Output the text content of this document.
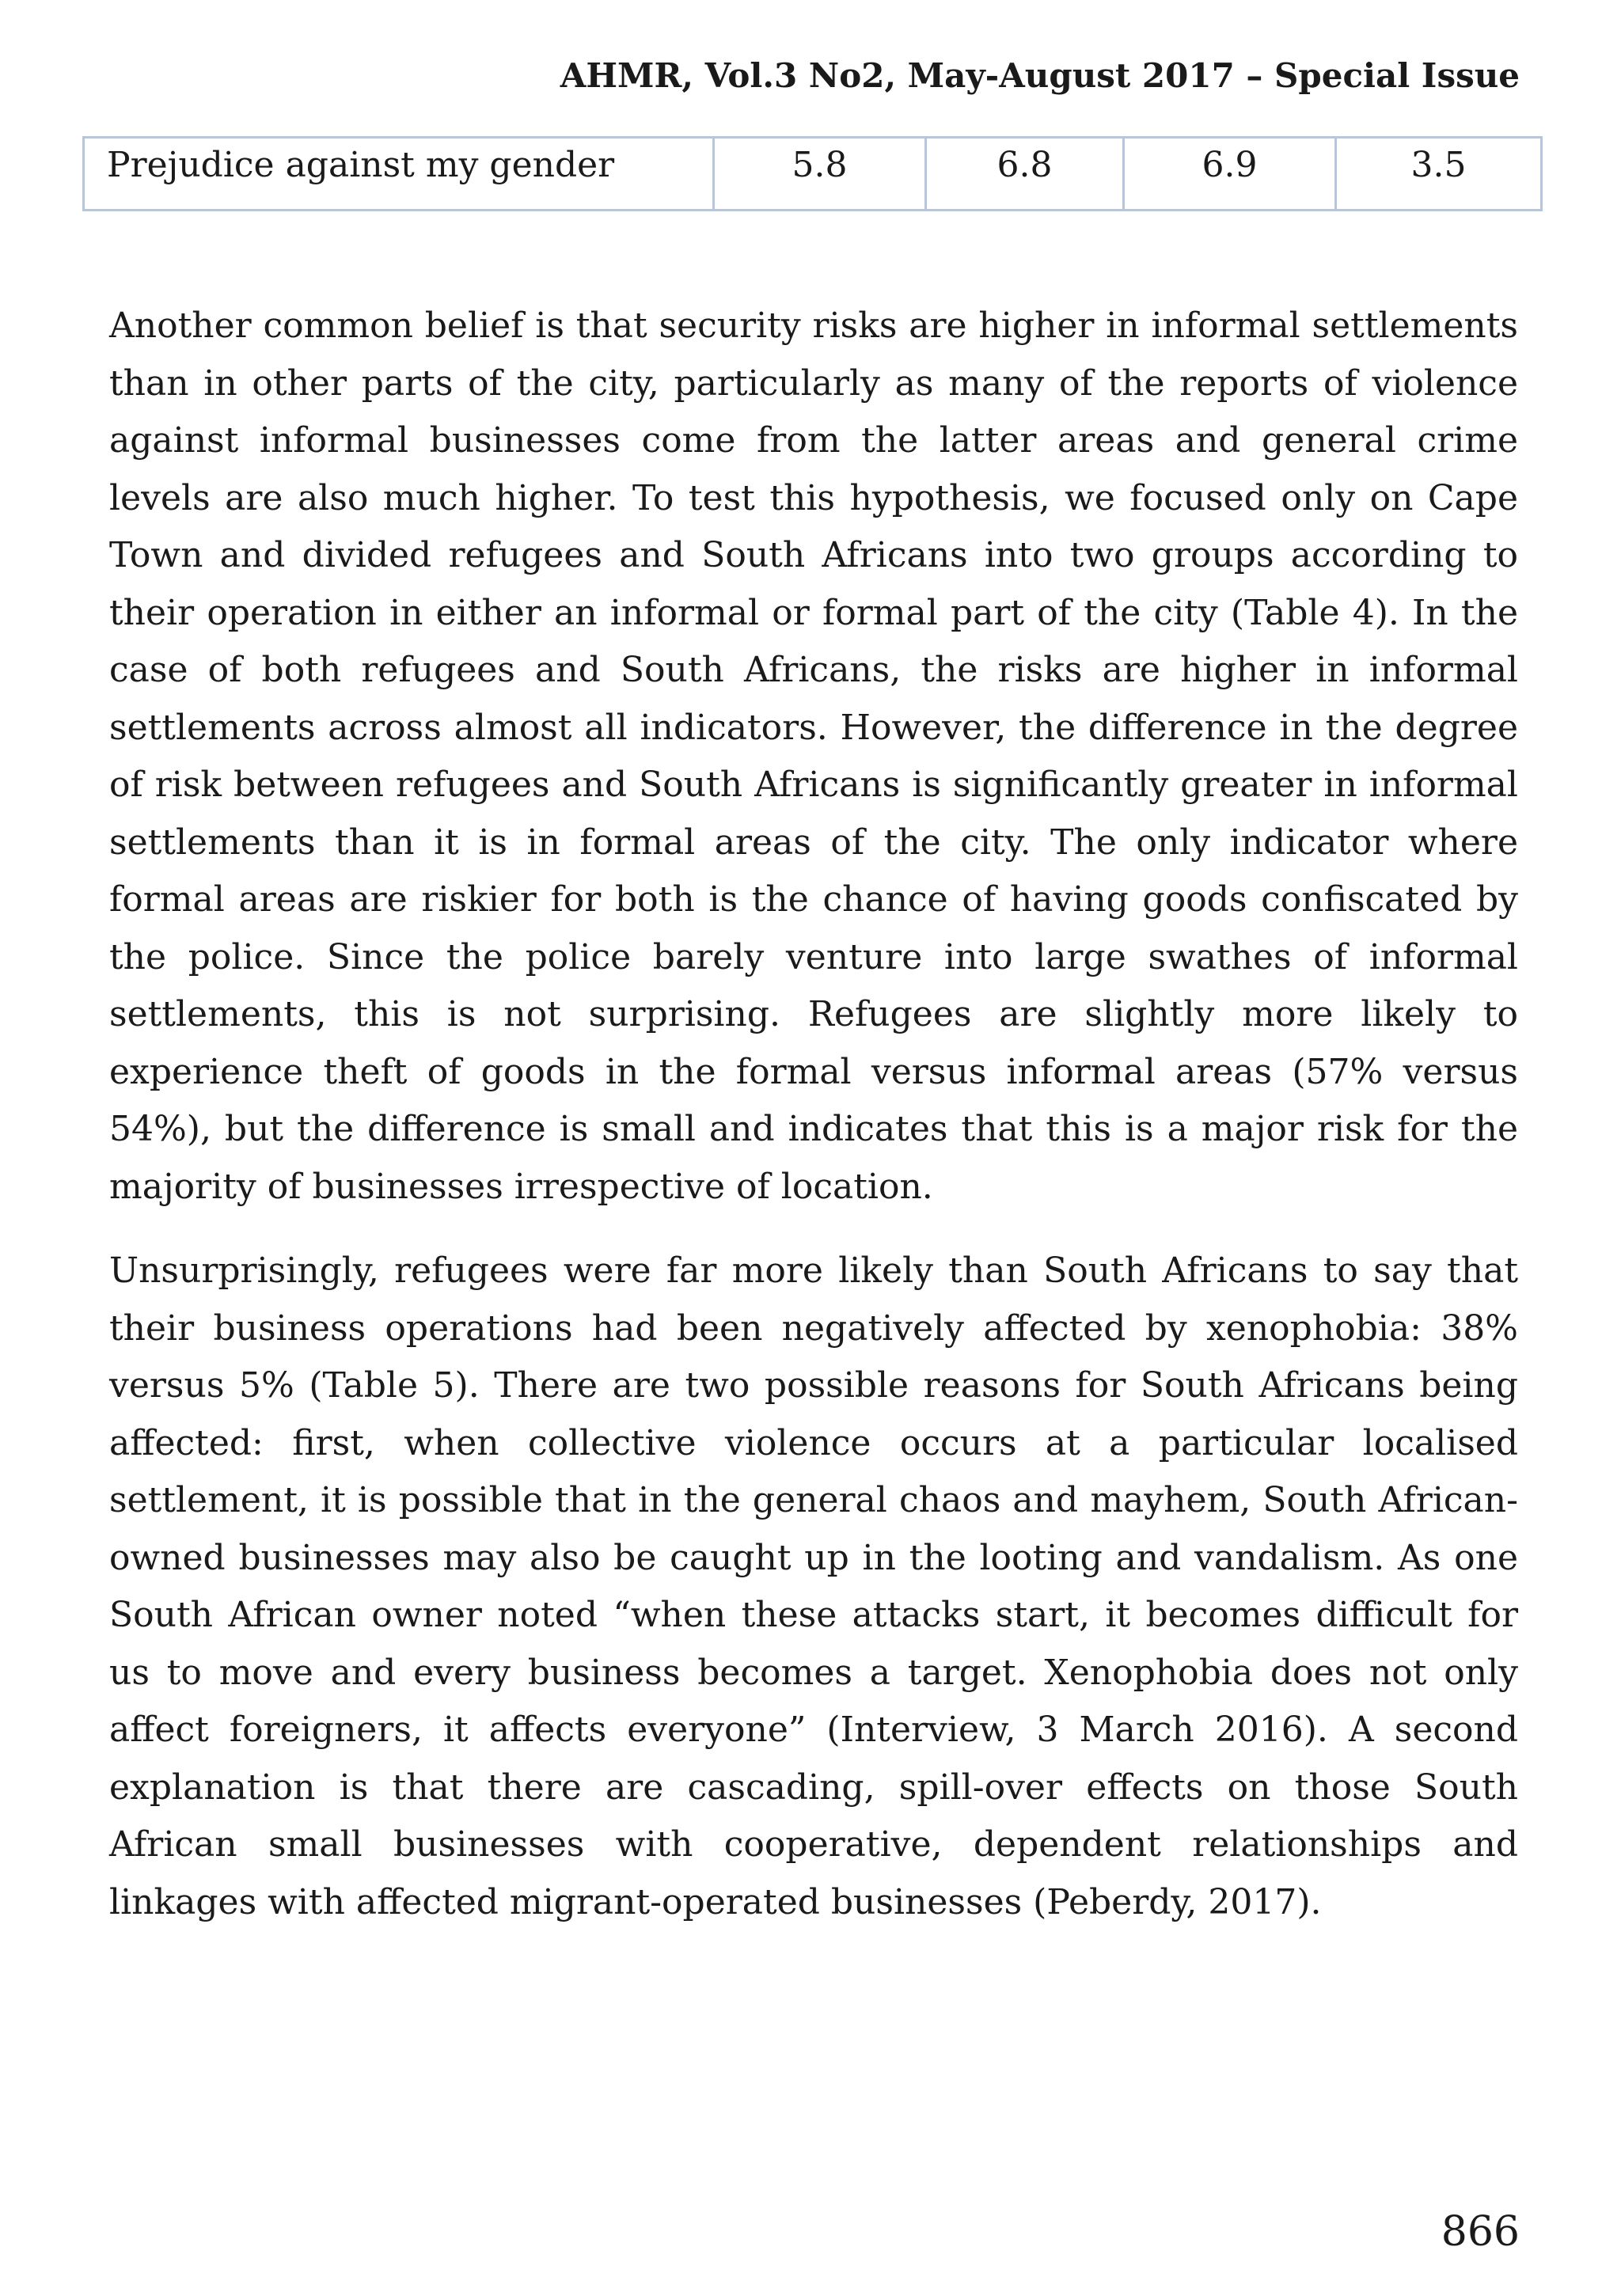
AHMR, Vol.3 No2, May-August 2017 – Special Issue
Prejudice against my gender	5.8	6.8	6.9	3.5

Another common belief is that security risks are higher in informal settlements than in other parts of the city, particularly as many of the reports of violence against informal businesses come from the latter areas and general crime levels are also much higher. To test this hypothesis, we focused only on Cape Town and divided refugees and South Africans into two groups according to their operation in either an informal or formal part of the city (Table 4). In the case of both refugees and South Africans, the risks are higher in informal settlements across almost all indicators. However, the difference in the degree of risk between refugees and South Africans is significantly greater in informal settlements than it is in formal areas of the city. The only indicator where formal areas are riskier for both is the chance of having goods confiscated by the police. Since the police barely venture into large swathes of informal settlements, this is not surprising. Refugees are slightly more likely to experience theft of goods in the formal versus informal areas (57% versus 54%), but the difference is small and indicates that this is a major risk for the majority of businesses irrespective of location.

Unsurprisingly, refugees were far more likely than South Africans to say that their business operations had been negatively affected by xenophobia: 38% versus 5% (Table 5). There are two possible reasons for South Africans being affected: first, when collective violence occurs at a particular localised settlement, it is possible that in the general chaos and mayhem, South African-owned businesses may also be caught up in the looting and vandalism. As one South African owner noted “when these attacks start, it becomes difficult for us to move and every business becomes a target. Xenophobia does not only affect foreigners, it affects everyone” (Interview, 3 March 2016). A second explanation is that there are cascading, spill-over effects on those South African small businesses with cooperative, dependent relationships and linkages with affected migrant-operated businesses (Peberdy, 2017).

866
